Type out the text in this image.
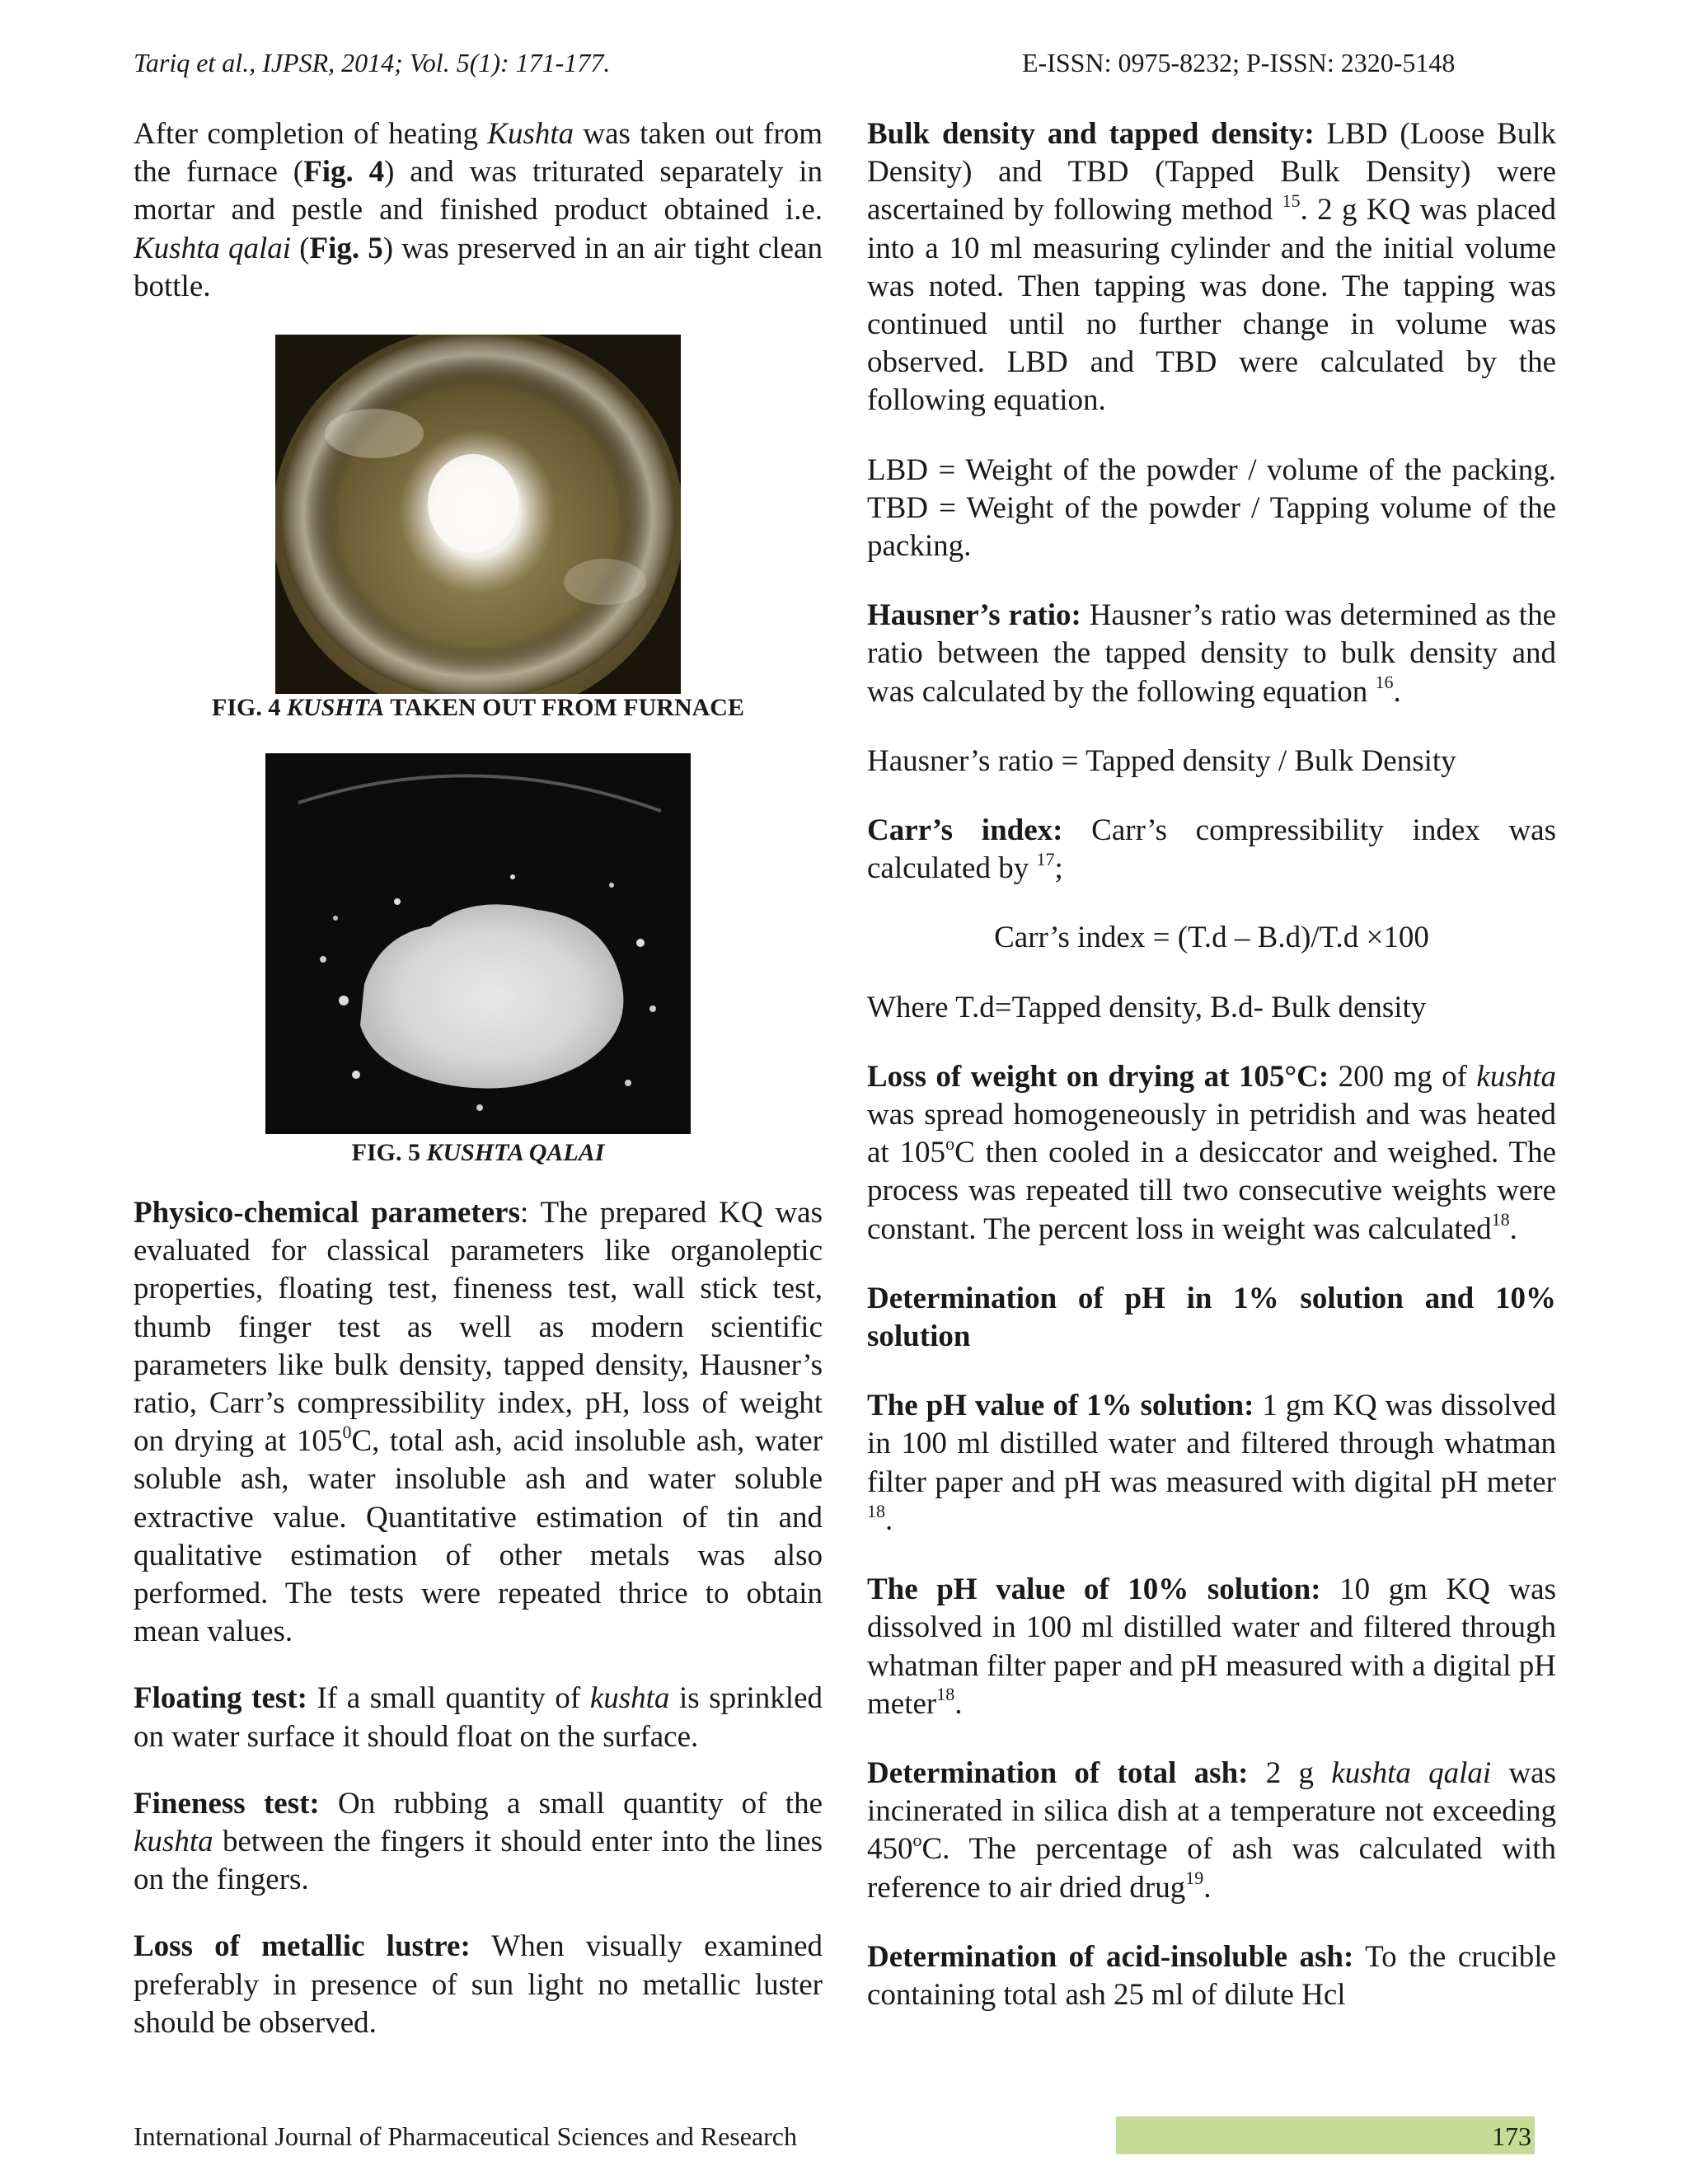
Tariq et al., IJPSR, 2014; Vol. 5(1): 171-177.	E-ISSN: 0975-8232; P-ISSN: 2320-5148

After completion of heating Kushta was taken out from the furnace (Fig. 4) and was triturated separately in mortar and pestle and finished product obtained i.e. Kushta qalai (Fig. 5) was preserved in an air tight clean bottle.

FIG. 4 KUSHTA TAKEN OUT FROM FURNACE
FIG. 5 KUSHTA QALAI

Physico-chemical parameters: The prepared KQ was evaluated for classical parameters like organoleptic properties, floating test, fineness test, wall stick test, thumb finger test as well as modern scientific parameters like bulk density, tapped density, Hausner’s ratio, Carr’s compressibility index, pH, loss of weight on drying at $105^0C$, total ash, acid insoluble ash, water soluble ash, water insoluble ash and water soluble extractive value. Quantitative estimation of tin and qualitative estimation of other metals was also performed. The tests were repeated thrice to obtain mean values.

Floating test: If a small quantity of kushta is sprinkled on water surface it should float on the surface.

Fineness test: On rubbing a small quantity of the kushta between the fingers it should enter into the lines on the fingers.

Loss of metallic lustre: When visually examined preferably in presence of sun light no metallic luster should be observed.

Bulk density and tapped density: LBD (Loose Bulk Density) and TBD (Tapped Bulk Density) were ascertained by following method $^{15}$. 2 g KQ was placed into a 10 ml measuring cylinder and the initial volume was noted. Then tapping was done. The tapping was continued until no further change in volume was observed. LBD and TBD were calculated by the following equation.

LBD = Weight of the powder / volume of the packing. TBD = Weight of the powder / Tapping volume of the packing.

Hausner’s ratio: Hausner’s ratio was determined as the ratio between the tapped density to bulk density and was calculated by the following equation $^{16}$.

Hausner’s ratio = Tapped density / Bulk Density

Carr’s index: Carr’s compressibility index was calculated by $^{17}$;

Carr’s index = (T.d – B.d)/T.d ×100

Where T.d=Tapped density, B.d- Bulk density

Loss of weight on drying at 105°C: 200 mg of kushta was spread homogeneously in petridish and was heated at 105$^o$C then cooled in a desiccator and weighed. The process was repeated till two consecutive weights were constant. The percent loss in weight was calculated$^{18}$.

Determination of pH in 1% solution and 10% solution

The pH value of 1% solution: 1 gm KQ was dissolved in 100 ml distilled water and filtered through whatman filter paper and pH was measured with digital pH meter $^{18}$.

The pH value of 10% solution: 10 gm KQ was dissolved in 100 ml distilled water and filtered through whatman filter paper and pH measured with a digital pH meter$^{18}$.

Determination of total ash: 2 g kushta qalai was incinerated in silica dish at a temperature not exceeding 450$^o$C. The percentage of ash was calculated with reference to air dried drug$^{19}$.

Determination of acid-insoluble ash: To the crucible containing total ash 25 ml of dilute Hcl

International Journal of Pharmaceutical Sciences and Research	173
